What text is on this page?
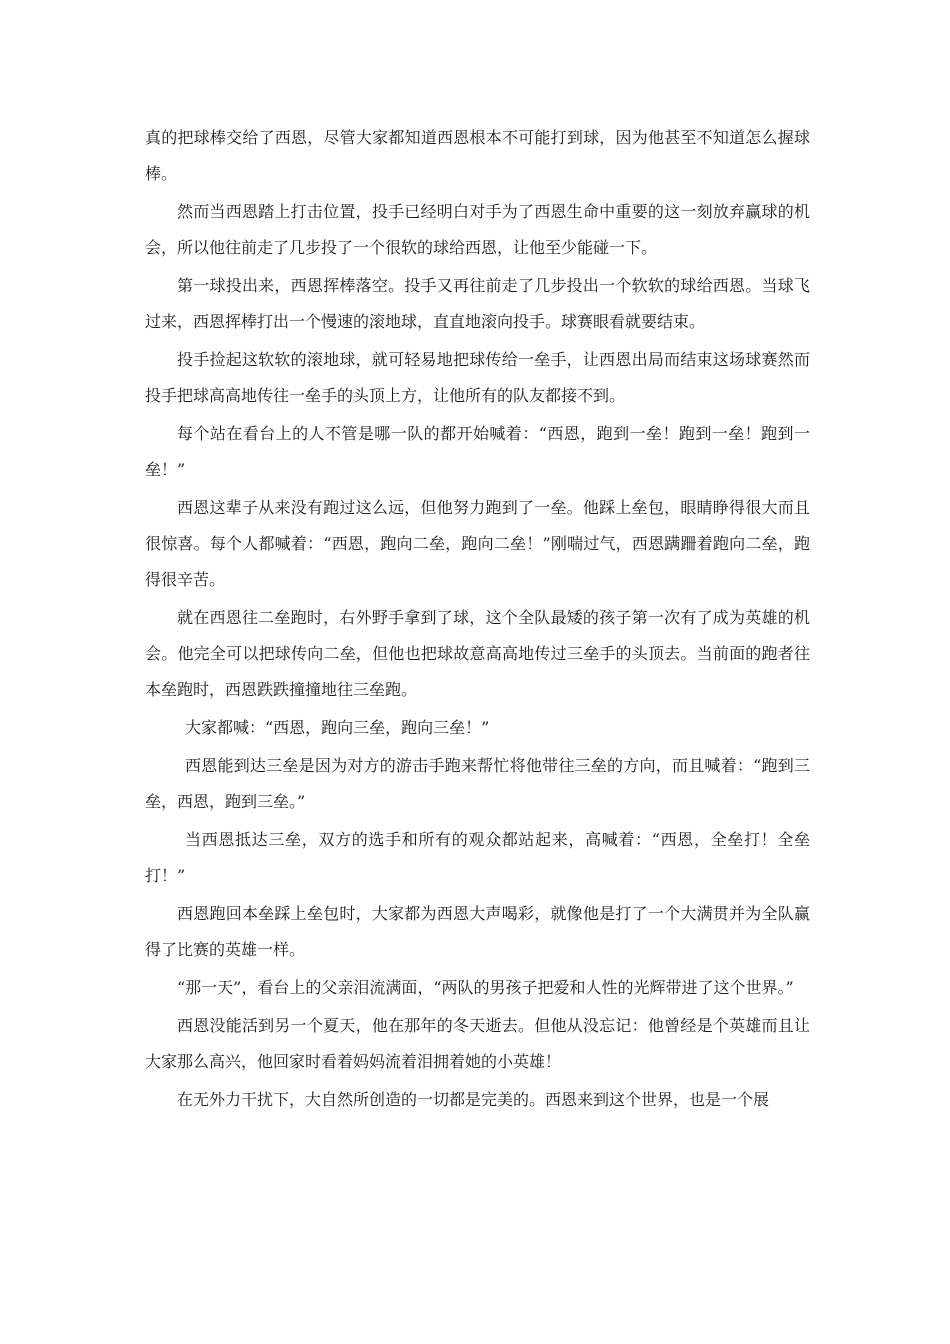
真的把球棒交给了西恩，尽管大家都知道西恩根本不可能打到球，因为他甚至不知道怎么握球棒。

然而当西恩踏上打击位置，投手已经明白对手为了西恩生命中重要的这一刻放弃赢球的机会，所以他往前走了几步投了一个很软的球给西恩，让他至少能碰一下。

第一球投出来，西恩挥棒落空。投手又再往前走了几步投出一个软软的球给西恩。当球飞过来，西恩挥棒打出一个慢速的滚地球，直直地滚向投手。球赛眼看就要结束。

投手捡起这软软的滚地球，就可轻易地把球传给一垒手，让西恩出局而结束这场球赛然而投手把球高高地传往一垒手的头顶上方，让他所有的队友都接不到。

每个站在看台上的人不管是哪一队的都开始喊着：“西恩，跑到一垒！跑到一垒！跑到一垒！”

西恩这辈子从来没有跑过这么远，但他努力跑到了一垒。他踩上垒包，眼睛睁得很大而且很惊喜。每个人都喊着：“西恩，跑向二垒，跑向二垒！”刚喘过气，西恩蹒跚着跑向二垒，跑得很辛苦。

就在西恩往二垒跑时，右外野手拿到了球，这个全队最矮的孩子第一次有了成为英雄的机会。他完全可以把球传向二垒，但他也把球故意高高地传过三垒手的头顶去。当前面的跑者往本垒跑时，西恩跌跌撞撞地往三垒跑。

大家都喊：“西恩，跑向三垒，跑向三垒！”

西恩能到达三垒是因为对方的游击手跑来帮忙将他带往三垒的方向，而且喊着：“跑到三垒，西恩，跑到三垒。”

当西恩抵达三垒，双方的选手和所有的观众都站起来，高喊着：“西恩，全垒打！全垒打！”

西恩跑回本垒踩上垒包时，大家都为西恩大声喝彩，就像他是打了一个大满贯并为全队赢得了比赛的英雄一样。

“那一天”，看台上的父亲泪流满面，“两队的男孩子把爱和人性的光辉带进了这个世界。”

西恩没能活到另一个夏天，他在那年的冬天逝去。但他从没忘记：他曾经是个英雄而且让大家那么高兴，他回家时看着妈妈流着泪拥着她的小英雄！

在无外力干扰下，大自然所创造的一切都是完美的。西恩来到这个世界，也是一个展
